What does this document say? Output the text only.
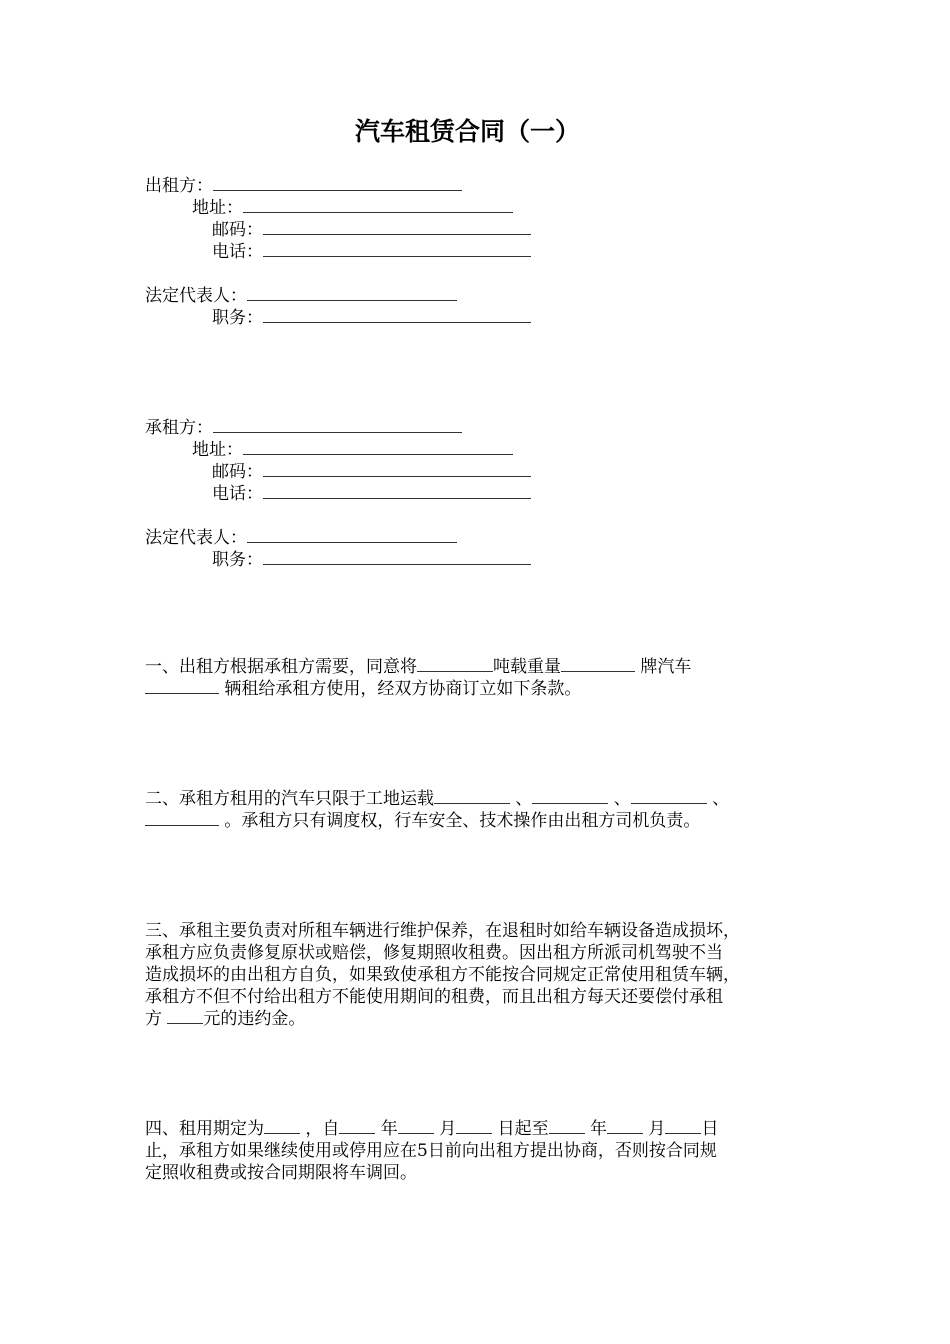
汽车租赁合同（一）
出租方：
地址：
邮码：
电话：
法定代表人：
职务：
承租方：
地址：
邮码：
电话：
法定代表人：
职务：
一、出租方根据承租方需要，同意将	吨载重量	牌汽车
辆租给承租方使用，经双方协商订立如下条款。
二、承租方租用的汽车只限于工地运载	、	、	、
。承租方只有调度权，行车安全、技术操作由出租方司机负责。
三、承租主要负责对所租车辆进行维护保养，在退租时如给车辆设备造成损坏，
承租方应负责修复原状或赔偿，修复期照收租费。因出租方所派司机驾驶不当
造成损坏的由出租方自负，如果致使承租方不能按合同规定正常使用租赁车辆，
承租方不但不付给出租方不能使用期间的租费，而且出租方每天还要偿付承租
方 元的违约金。
四、租用期定为 ，自 年 月 日起至 年 月 日
止，承租方如果继续使用或停用应在5日前向出租方提出协商，否则按合同规
定照收租费或按合同期限将车调回。
